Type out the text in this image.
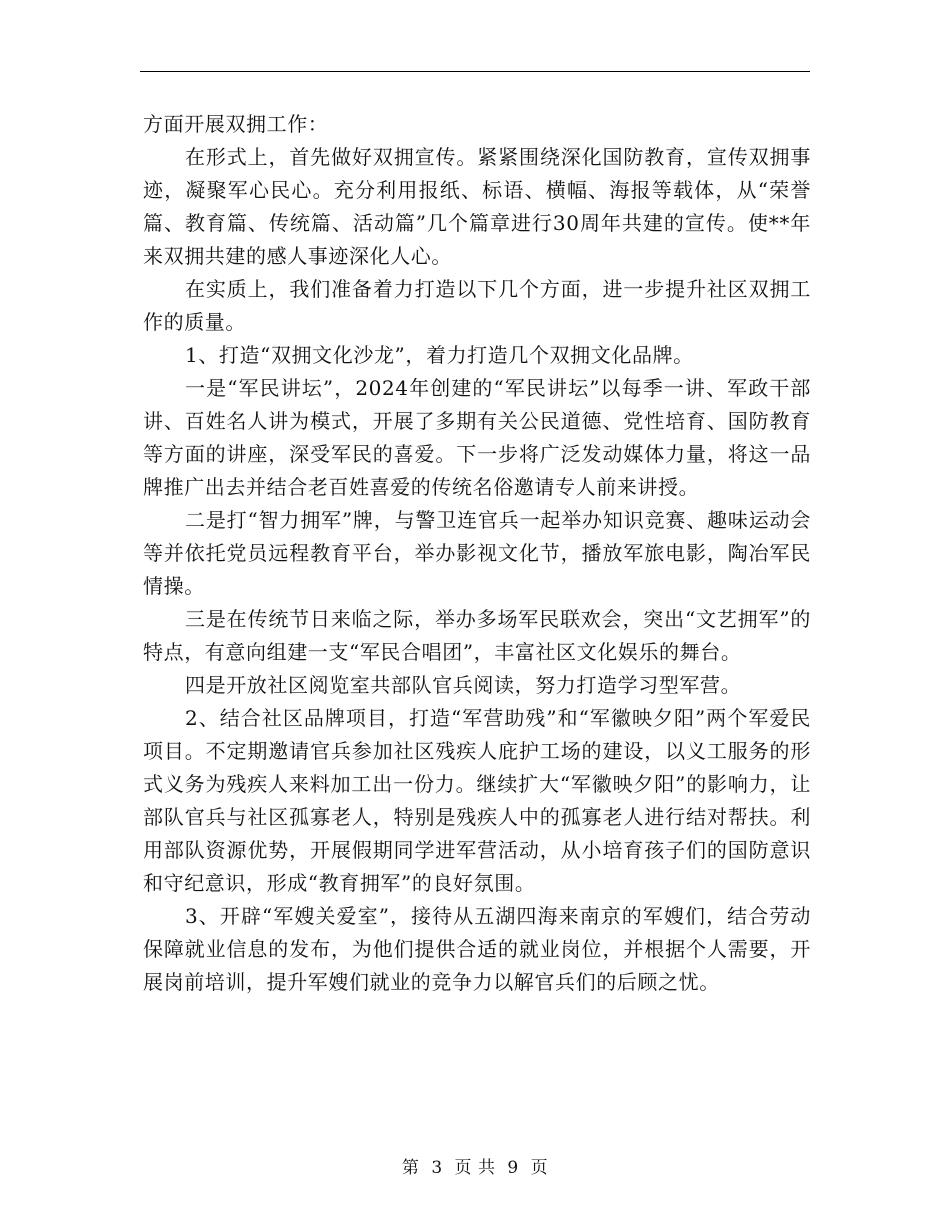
方面开展双拥工作：

在形式上，首先做好双拥宣传。紧紧围绕深化国防教育，宣传双拥事迹，凝聚军心民心。充分利用报纸、标语、横幅、海报等载体，从“荣誉篇、教育篇、传统篇、活动篇”几个篇章进行30周年共建的宣传。使**年来双拥共建的感人事迹深化人心。

在实质上，我们准备着力打造以下几个方面，进一步提升社区双拥工作的质量。

1、打造“双拥文化沙龙”，着力打造几个双拥文化品牌。

一是“军民讲坛”，2024年创建的“军民讲坛”以每季一讲、军政干部讲、百姓名人讲为模式，开展了多期有关公民道德、党性培育、国防教育等方面的讲座，深受军民的喜爱。下一步将广泛发动媒体力量，将这一品牌推广出去并结合老百姓喜爱的传统名俗邀请专人前来讲授。

二是打“智力拥军”牌，与警卫连官兵一起举办知识竞赛、趣味运动会等并依托党员远程教育平台，举办影视文化节，播放军旅电影，陶冶军民情操。

三是在传统节日来临之际，举办多场军民联欢会，突出“文艺拥军”的特点，有意向组建一支“军民合唱团”，丰富社区文化娱乐的舞台。

四是开放社区阅览室共部队官兵阅读，努力打造学习型军营。

2、结合社区品牌项目，打造“军营助残”和“军徽映夕阳”两个军爱民项目。不定期邀请官兵参加社区残疾人庇护工场的建设，以义工服务的形式义务为残疾人来料加工出一份力。继续扩大“军徽映夕阳”的影响力，让部队官兵与社区孤寡老人，特别是残疾人中的孤寡老人进行结对帮扶。利用部队资源优势，开展假期同学进军营活动，从小培育孩子们的国防意识和守纪意识，形成“教育拥军”的良好氛围。

3、开辟“军嫂关爱室”，接待从五湖四海来南京的军嫂们，结合劳动保障就业信息的发布，为他们提供合适的就业岗位，并根据个人需要，开展岗前培训，提升军嫂们就业的竞争力以解官兵们的后顾之忧。

第 3 页 共 9 页
